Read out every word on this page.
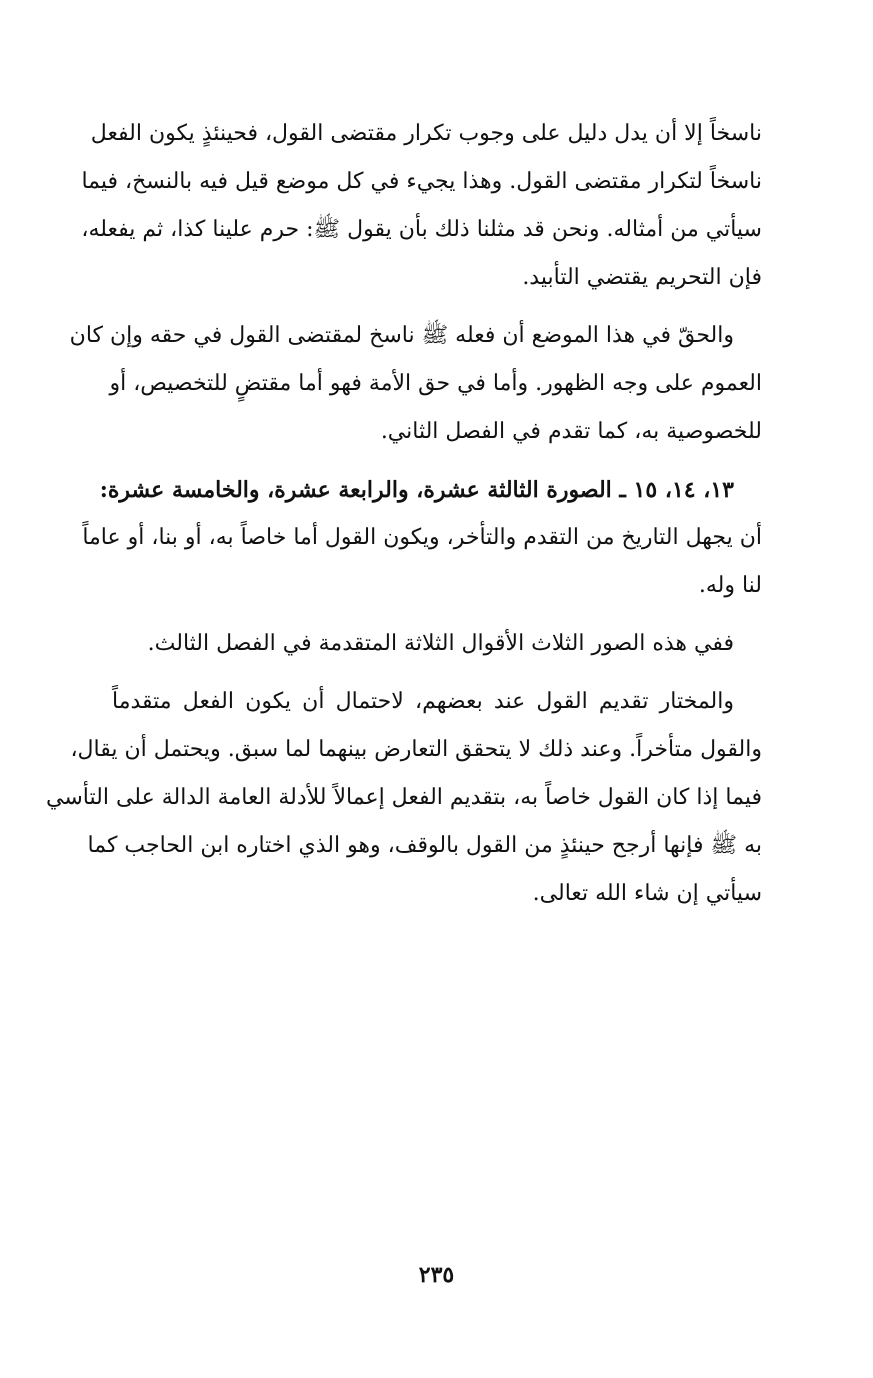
ناسخاً إلا أن يدل دليل على وجوب تكرار مقتضى القول، فحينئذٍ يكون الفعل
ناسخاً لتكرار مقتضى القول. وهذا يجيء في كل موضع قيل فيه بالنسخ، فيما
سيأتي من أمثاله. ونحن قد مثلنا ذلك بأن يقول ﷺ: حرم علينا كذا، ثم يفعله،
فإن التحريم يقتضي التأبيد.

والحقّ في هذا الموضع أن فعله ﷺ ناسخ لمقتضى القول في حقه وإن كان
العموم على وجه الظهور. وأما في حق الأمة فهو أما مقتضٍ للتخصيص، أو
للخصوصية به، كما تقدم في الفصل الثاني.

١٣، ١٤، ١٥ ـ الصورة الثالثة عشرة، والرابعة عشرة، والخامسة عشرة:
أن يجهل التاريخ من التقدم والتأخر، ويكون القول أما خاصاً به، أو بنا، أو عاماً
لنا وله.

ففي هذه الصور الثلاث الأقوال الثلاثة المتقدمة في الفصل الثالث.

والمختار تقديم القول عند بعضهم، لاحتمال أن يكون الفعل متقدماً
والقول متأخراً. وعند ذلك لا يتحقق التعارض بينهما لما سبق. ويحتمل أن يقال،
فيما إذا كان القول خاصاً به، بتقديم الفعل إعمالاً للأدلة العامة الدالة على التأسي
به ﷺ فإنها أرجح حينئذٍ من القول بالوقف، وهو الذي اختاره ابن الحاجب كما
سيأتي إن شاء الله تعالى.

٢٣٥
